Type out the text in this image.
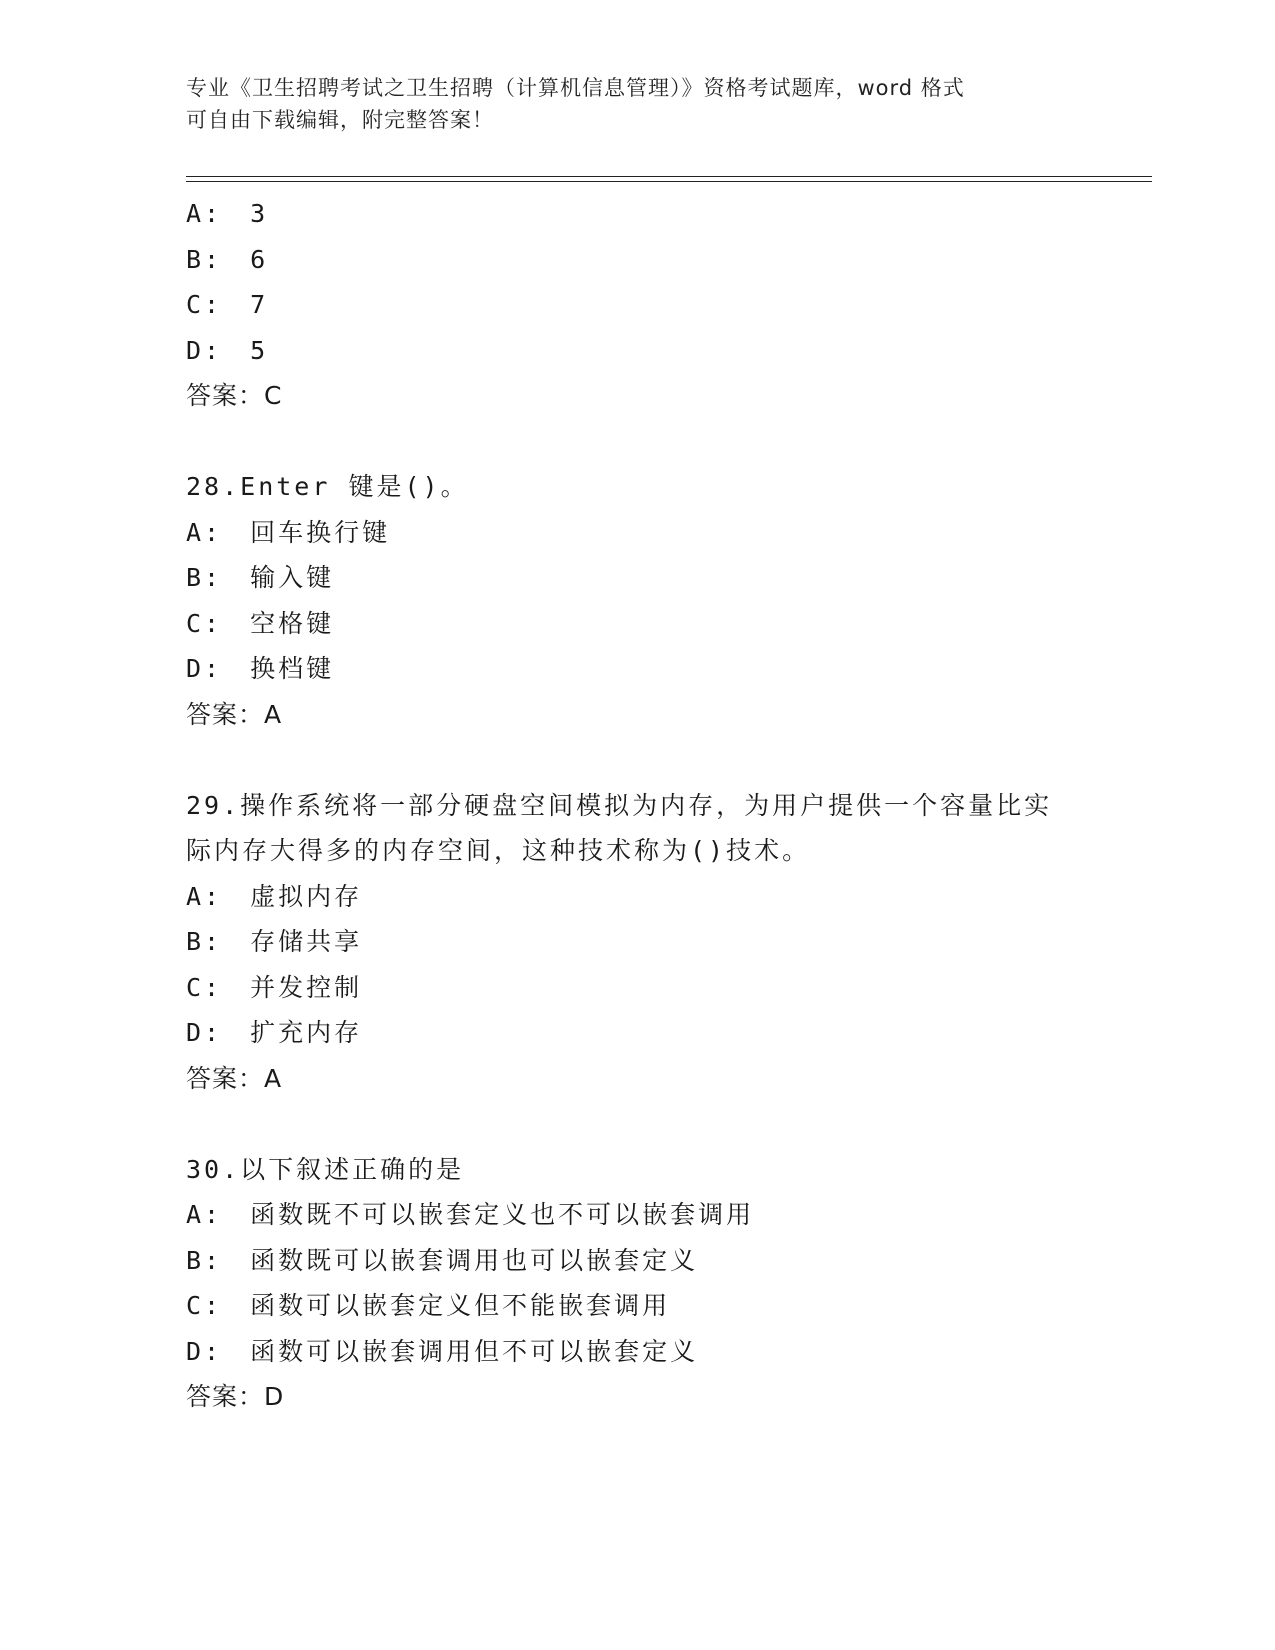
专业《卫生招聘考试之卫生招聘（计算机信息管理）》资格考试题库，word 格式
可自由下载编辑，附完整答案！
A: 3
B: 6
C: 7
D: 5
答案：C
28.Enter 键是()。
A: 回车换行键
B: 输入键
C: 空格键
D: 换档键
答案：A
29.操作系统将一部分硬盘空间模拟为内存，为用户提供一个容量比实
际内存大得多的内存空间，这种技术称为()技术。
A: 虚拟内存
B: 存储共享
C: 并发控制
D: 扩充内存
答案：A
30.以下叙述正确的是
A: 函数既不可以嵌套定义也不可以嵌套调用
B: 函数既可以嵌套调用也可以嵌套定义
C: 函数可以嵌套定义但不能嵌套调用
D: 函数可以嵌套调用但不可以嵌套定义
答案：D
